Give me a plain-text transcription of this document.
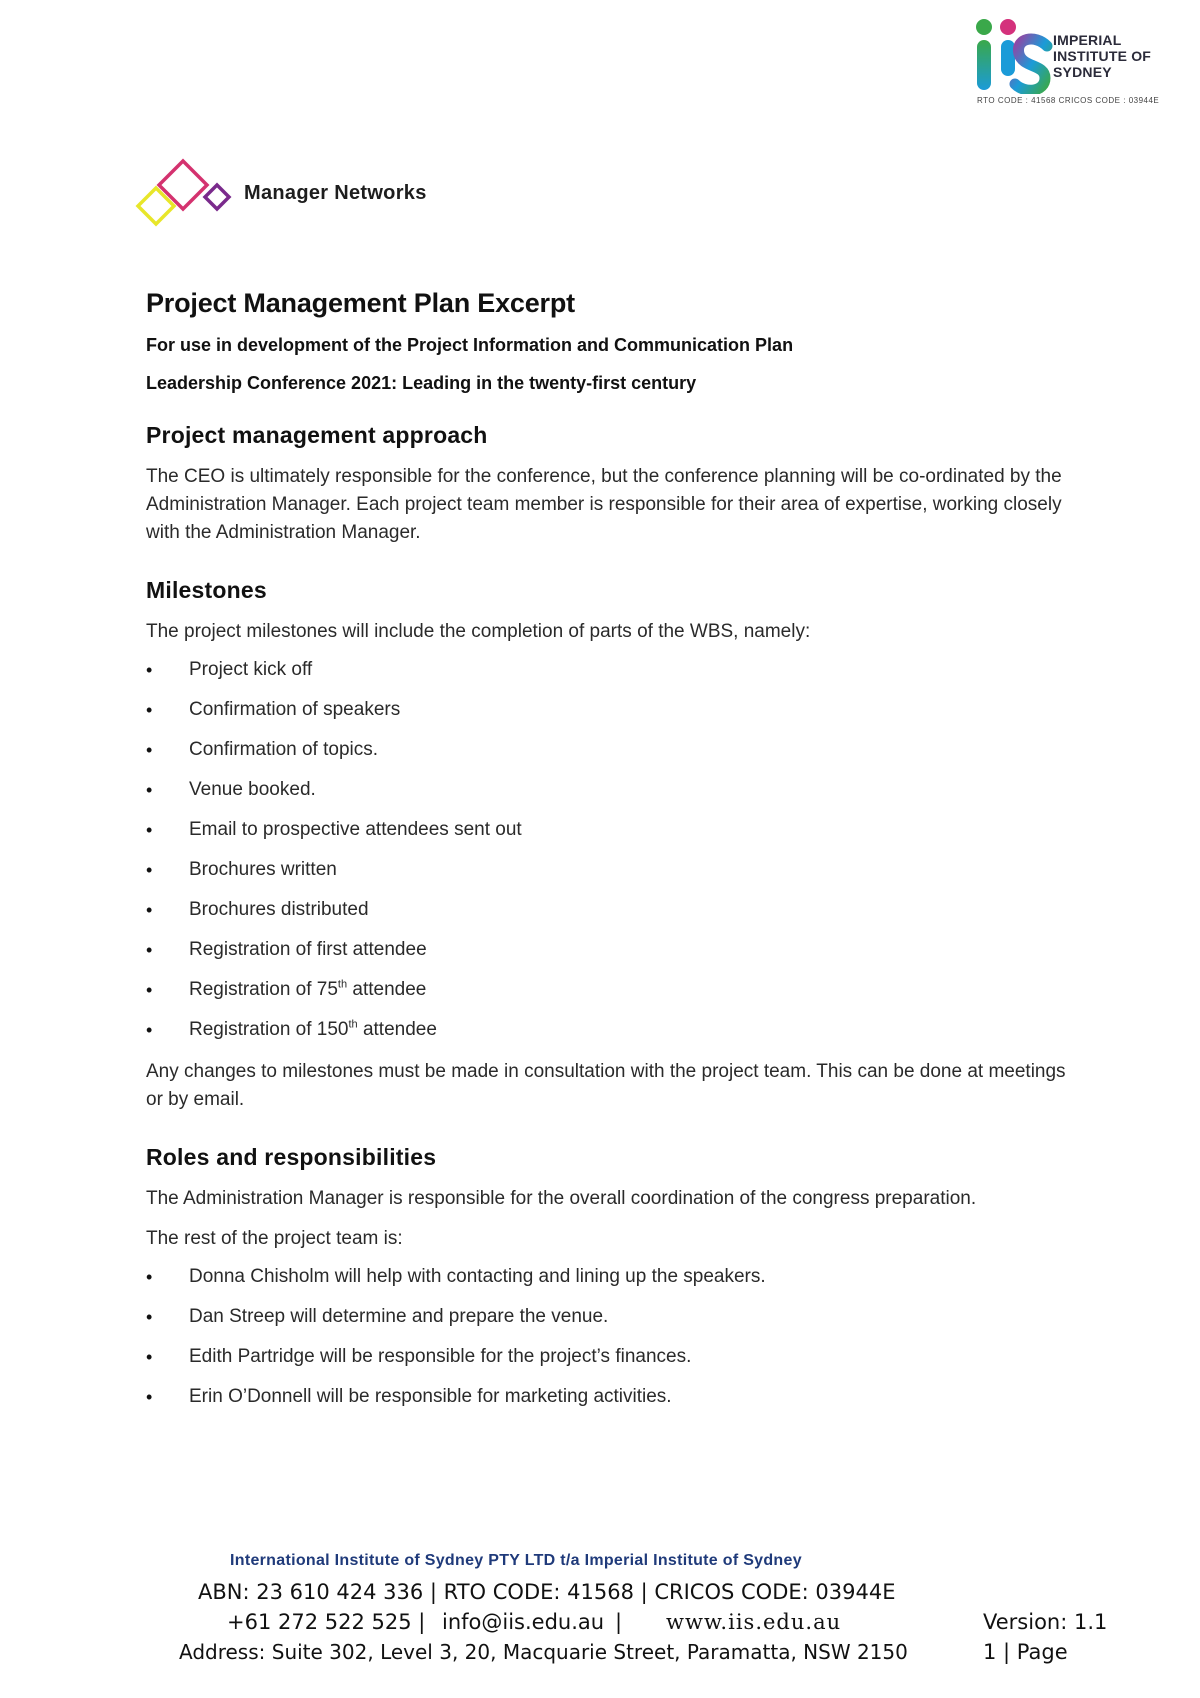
IMPERIAL
INSTITUTE OF
SYDNEY
RTO CODE : 41568 CRICOS CODE : 03944E
Manager Networks
Project Management Plan Excerpt
For use in development of the Project Information and Communication Plan
Leadership Conference 2021: Leading in the twenty-first century
Project management approach

The CEO is ultimately responsible for the conference, but the conference planning will be co-ordinated by the Administration Manager. Each project team member is responsible for their area of expertise, working closely with the Administration Manager.

Milestones

The project milestones will include the completion of parts of the WBS, namely:

• Project kick off
• Confirmation of speakers
• Confirmation of topics.
• Venue booked.
• Email to prospective attendees sent out
• Brochures written
• Brochures distributed
• Registration of first attendee
• Registration of 75th attendee
• Registration of 150th attendee

Any changes to milestones must be made in consultation with the project team. This can be done at meetings or by email.

Roles and responsibilities

The Administration Manager is responsible for the overall coordination of the congress preparation.

The rest of the project team is:

• Donna Chisholm will help with contacting and lining up the speakers.
• Dan Streep will determine and prepare the venue.
• Edith Partridge will be responsible for the project’s finances.
• Erin O’Donnell will be responsible for marketing activities.
International Institute of Sydney PTY LTD t/a Imperial Institute of Sydney
ABN: 23 610 424 336 | RTO CODE: 41568 | CRICOS CODE: 03944E
+61 272 522 525 | info@iis.edu.au | www.iis.edu.au	Version: 1.1
Address: Suite 302, Level 3, 20, Macquarie Street, Paramatta, NSW 2150	1 | Page
